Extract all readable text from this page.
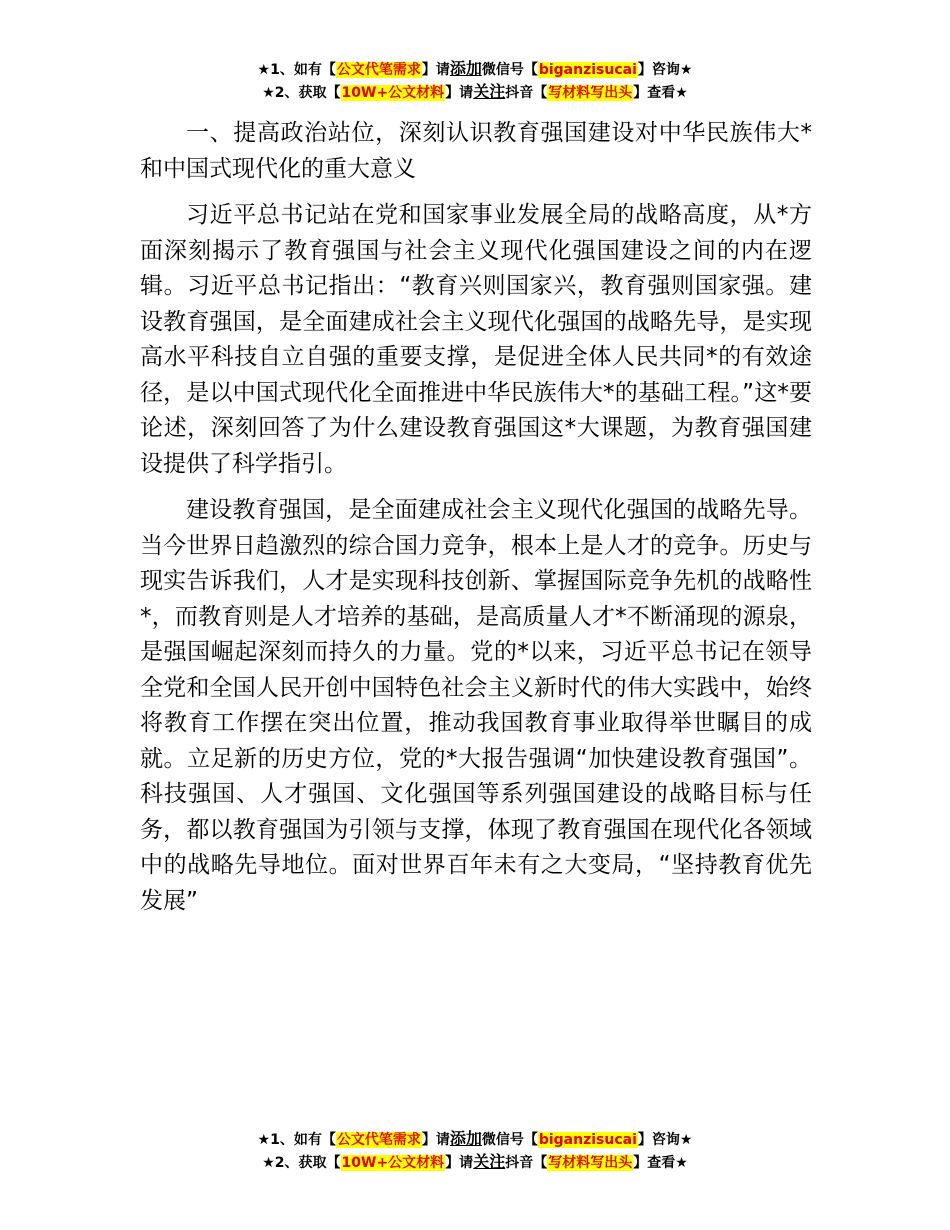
★1、如有【公文代笔需求】请添加微信号【biganzisucai】咨询★
★2、获取【10W+公文材料】请关注抖音【写材料写出头】查看★

一、提高政治站位，深刻认识教育强国建设对中华民族伟大*和中国式现代化的重大意义

习近平总书记站在党和国家事业发展全局的战略高度，从*方面深刻揭示了教育强国与社会主义现代化强国建设之间的内在逻辑。习近平总书记指出：“教育兴则国家兴，教育强则国家强。建设教育强国，是全面建成社会主义现代化强国的战略先导，是实现高水平科技自立自强的重要支撑，是促进全体人民共同*的有效途径，是以中国式现代化全面推进中华民族伟大*的基础工程。”这*要论述，深刻回答了为什么建设教育强国这*大课题，为教育强国建设提供了科学指引。

建设教育强国，是全面建成社会主义现代化强国的战略先导。当今世界日趋激烈的综合国力竞争，根本上是人才的竞争。历史与现实告诉我们，人才是实现科技创新、掌握国际竞争先机的战略性*，而教育则是人才培养的基础，是高质量人才*不断涌现的源泉，是强国崛起深刻而持久的力量。党的*以来，习近平总书记在领导全党和全国人民开创中国特色社会主义新时代的伟大实践中，始终将教育工作摆在突出位置，推动我国教育事业取得举世瞩目的成就。立足新的历史方位，党的*大报告强调“加快建设教育强国”。科技强国、人才强国、文化强国等系列强国建设的战略目标与任务，都以教育强国为引领与支撑，体现了教育强国在现代化各领域中的战略先导地位。面对世界百年未有之大变局，“坚持教育优先发展”

★1、如有【公文代笔需求】请添加微信号【biganzisucai】咨询★
★2、获取【10W+公文材料】请关注抖音【写材料写出头】查看★
